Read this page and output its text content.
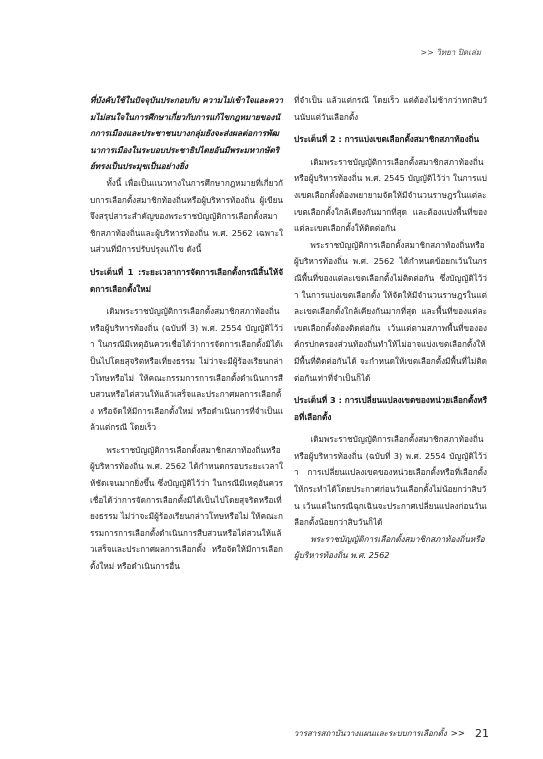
>> วิทยา ปิดเล่ม

ที่บังคับใช้ในปัจจุบันประกอบกับ ความไม่เข้าใจและความไม่สนใจในการศึกษาเกี่ยวกับการแก้ไขกฎหมายของนักการเมืองและประชาชนบางกลุ่มยังจะส่งผลต่อการพัฒนาการเมืองในระบอบประชาธิปไตยอันมีพระมหากษัตริย์ทรงเป็นประมุขเป็นอย่างยิ่ง

ทั้งนี้ เพื่อเป็นแนวทางในการศึกษากฎหมายที่เกี่ยวกับการเลือกตั้งสมาชิกท้องถิ่นหรือผู้บริหารท้องถิ่น ผู้เขียนจึงสรุปสาระสำคัญของพระราชบัญญัติการเลือกตั้งสมาชิกสภาท้องถิ่นและผู้บริหารท้องถิ่น พ.ศ. 2562 เฉพาะในส่วนที่มีการปรับปรุงแก้ไข ดังนี้

ประเด็นที่ 1 :ระยะเวลาการจัดการเลือกตั้งกรณีสิ้นให้จัดการเลือกตั้งใหม่

เดิมพระราชบัญญัติการเลือกตั้งสมาชิกสภาท้องถิ่นหรือผู้บริหารท้องถิ่น (ฉบับที่ 3) พ.ศ. 2554 บัญญัติไว้ว่า ในกรณีมีเหตุอันควรเชื่อได้ว่าการจัดการเลือกตั้งมิได้เป็นไปโดยสุจริตหรือเที่ยงธรรม ไม่ว่าจะมีผู้ร้องเรียนกล่าวโทษหรือไม่ ให้คณะกรรมการการเลือกตั้งดำเนินการสืบสวนหรือไต่สวนให้แล้วเสร็จและประกาศผลการเลือกตั้ง หรือจัดให้มีการเลือกตั้งใหม่ หรือดำเนินการที่จำเป็นแล้วแต่กรณี โดยเร็ว

พระราชบัญญัติการเลือกตั้งสมาชิกสภาท้องถิ่นหรือผู้บริหารท้องถิ่น พ.ศ. 2562 ได้กำหนดกรอบระยะเวลาให้ชัดเจนมากยิ่งขึ้น ซึ่งบัญญัติไว้ว่า ในกรณีมีเหตุอันควรเชื่อได้ว่าการจัดการเลือกตั้งมิได้เป็นไปโดยสุจริตหรือเที่ยงธรรม ไม่ว่าจะมีผู้ร้องเรียนกล่าวโทษหรือไม่ ให้คณะกรรมการการเลือกตั้งดำเนินการสืบสวนหรือไต่สวนให้แล้วเสร็จและประกาศผลการเลือกตั้ง หรือจัดให้มีการเลือกตั้งใหม่ หรือดำเนินการอื่น

ที่จำเป็น แล้วแต่กรณี โดยเร็ว แต่ต้องไม่ช้ากว่าหกสิบวันนับแต่วันเลือกตั้ง

ประเด็นที่ 2 : การแบ่งเขตเลือกตั้งสมาชิกสภาท้องถิ่น

เดิมพระราชบัญญัติการเลือกตั้งสมาชิกสภาท้องถิ่นหรือผู้บริหารท้องถิ่น พ.ศ. 2545 บัญญัติไว้ว่า ในการแบ่งเขตเลือกตั้งต้องพยายามจัดให้มีจำนวนราษฎรในแต่ละเขตเลือกตั้งใกล้เคียงกันมากที่สุด และต้องแบ่งพื้นที่ของแต่ละเขตเลือกตั้งให้ติดต่อกัน

พระราชบัญญัติการเลือกตั้งสมาชิกสภาท้องถิ่นหรือผู้บริหารท้องถิ่น พ.ศ. 2562 ได้กำหนดข้อยกเว้นในกรณีพื้นที่ของแต่ละเขตเลือกตั้งไม่ติดต่อกัน ซึ่งบัญญัติไว้ว่า ในการแบ่งเขตเลือกตั้ง ให้จัดให้มีจำนวนราษฎรในแต่ละเขตเลือกตั้งใกล้เคียงกันมากที่สุด และพื้นที่ของแต่ละเขตเลือกตั้งต้องติดต่อกัน เว้นแต่ตามสภาพพื้นที่ขององค์กรปกครองส่วนท้องถิ่นทำให้ไม่อาจแบ่งเขตเลือกตั้งให้มีพื้นที่ติดต่อกันได้ จะกำหนดให้เขตเลือกตั้งมีพื้นที่ไม่ติดต่อกันเท่าที่จำเป็นก็ได้

ประเด็นที่ 3 : การเปลี่ยนแปลงเขตของหน่วยเลือกตั้งหรือที่เลือกตั้ง

เดิมพระราชบัญญัติการเลือกตั้งสมาชิกสภาท้องถิ่นหรือผู้บริหารท้องถิ่น (ฉบับที่ 3) พ.ศ. 2554 บัญญัติไว้ว่า การเปลี่ยนแปลงเขตของหน่วยเลือกตั้งหรือที่เลือกตั้ง ให้กระทำได้โดยประกาศก่อนวันเลือกตั้งไม่น้อยกว่าสิบวัน เว้นแต่ในกรณีฉุกเฉินจะประกาศเปลี่ยนแปลงก่อนวันเลือกตั้งน้อยกว่าสิบวันก็ได้

พระราชบัญญัติการเลือกตั้งสมาชิกสภาท้องถิ่นหรือผู้บริหารท้องถิ่น พ.ศ. 2562

วารสารสถาบันวางแผนและระบบการเลือกตั้ง >> 21
